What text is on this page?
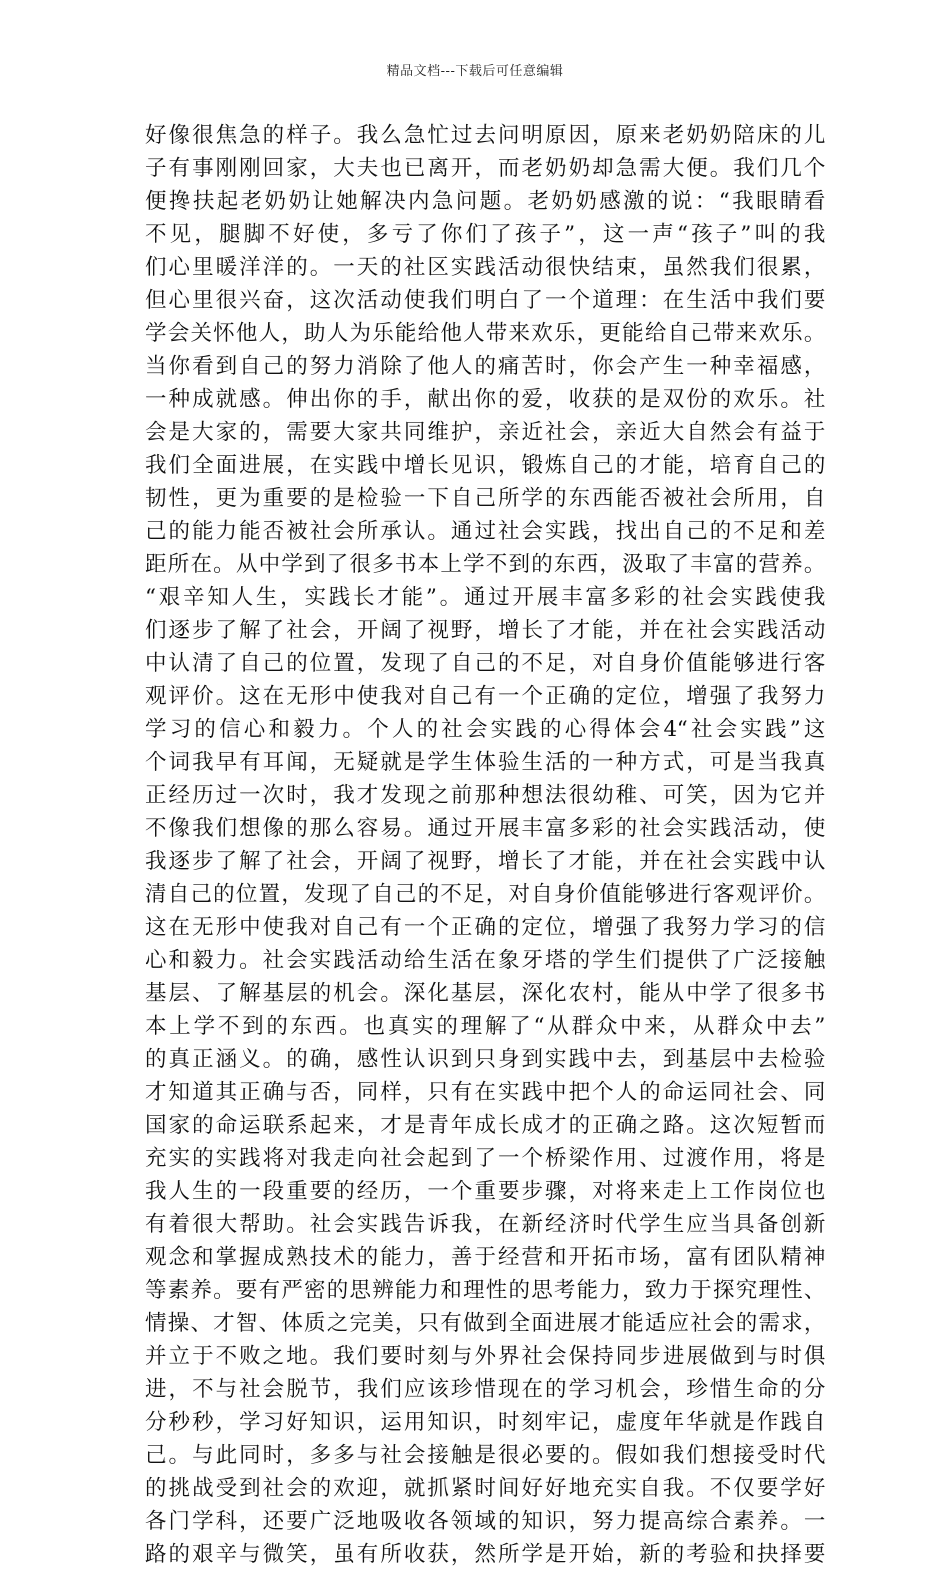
精品文档---下载后可任意编辑
好像很焦急的样子。我么急忙过去问明原因，原来老奶奶陪床的儿
子有事刚刚回家，大夫也已离开，而老奶奶却急需大便。我们几个
便搀扶起老奶奶让她解决内急问题。老奶奶感激的说：“我眼睛看
不见，腿脚不好使，多亏了你们了孩子”，这一声“孩子”叫的我
们心里暖洋洋的。一天的社区实践活动很快结束，虽然我们很累，
但心里很兴奋，这次活动使我们明白了一个道理：在生活中我们要
学会关怀他人，助人为乐能给他人带来欢乐，更能给自己带来欢乐。
当你看到自己的努力消除了他人的痛苦时，你会产生一种幸福感，
一种成就感。伸出你的手，献出你的爱，收获的是双份的欢乐。社
会是大家的，需要大家共同维护，亲近社会，亲近大自然会有益于
我们全面进展，在实践中增长见识，锻炼自己的才能，培育自己的
韧性，更为重要的是检验一下自己所学的东西能否被社会所用，自
己的能力能否被社会所承认。通过社会实践，找出自己的不足和差
距所在。从中学到了很多书本上学不到的东西，汲取了丰富的营养。
“艰辛知人生，实践长才能”。通过开展丰富多彩的社会实践使我
们逐步了解了社会，开阔了视野，增长了才能，并在社会实践活动
中认清了自己的位置，发现了自己的不足，对自身价值能够进行客
观评价。这在无形中使我对自己有一个正确的定位，增强了我努力
学习的信心和毅力。个人的社会实践的心得体会4“社会实践”这
个词我早有耳闻，无疑就是学生体验生活的一种方式，可是当我真
正经历过一次时，我才发现之前那种想法很幼稚、可笑，因为它并
不像我们想像的那么容易。通过开展丰富多彩的社会实践活动，使
我逐步了解了社会，开阔了视野，增长了才能，并在社会实践中认
清自己的位置，发现了自己的不足，对自身价值能够进行客观评价。
这在无形中使我对自己有一个正确的定位，增强了我努力学习的信
心和毅力。社会实践活动给生活在象牙塔的学生们提供了广泛接触
基层、了解基层的机会。深化基层，深化农村，能从中学了很多书
本上学不到的东西。也真实的理解了“从群众中来，从群众中去”
的真正涵义。的确，感性认识到只身到实践中去，到基层中去检验
才知道其正确与否，同样，只有在实践中把个人的命运同社会、同
国家的命运联系起来，才是青年成长成才的正确之路。这次短暂而
充实的实践将对我走向社会起到了一个桥梁作用、过渡作用，将是
我人生的一段重要的经历，一个重要步骤，对将来走上工作岗位也
有着很大帮助。社会实践告诉我，在新经济时代学生应当具备创新
观念和掌握成熟技术的能力，善于经营和开拓市场，富有团队精神
等素养。要有严密的思辨能力和理性的思考能力，致力于探究理性、
情操、才智、体质之完美，只有做到全面进展才能适应社会的需求，
并立于不败之地。我们要时刻与外界社会保持同步进展做到与时俱
进，不与社会脱节，我们应该珍惜现在的学习机会，珍惜生命的分
分秒秒，学习好知识，运用知识，时刻牢记，虚度年华就是作践自
己。与此同时，多多与社会接触是很必要的。假如我们想接受时代
的挑战受到社会的欢迎，就抓紧时间好好地充实自我。不仅要学好
各门学科，还要广泛地吸收各领域的知识，努力提高综合素养。一
路的艰辛与微笑，虽有所收获，然所学是开始，新的考验和抉择要
